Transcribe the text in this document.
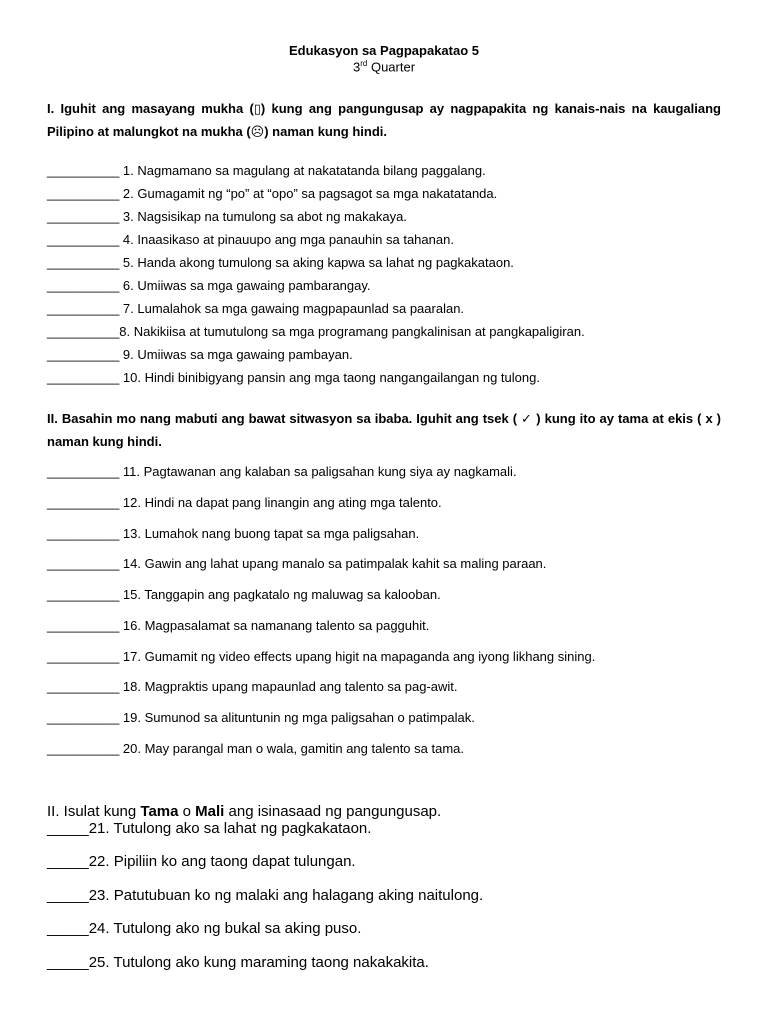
Edukasyon sa Pagpapakatao 5
3rd Quarter
I. Iguhit ang masayang mukha (▯) kung ang pangungusap ay nagpapakita ng kanais-nais na kaugaliang Pilipino at malungkot na mukha (☹) naman kung hindi.
__________ 1. Nagmamano sa magulang at nakatatanda bilang paggalang.
__________ 2. Gumagamit ng “po” at “opo” sa pagsagot sa mga nakatatanda.
__________ 3. Nagsisikap na tumulong sa abot ng makakaya.
__________ 4. Inaasikaso at pinauupo ang mga panauhin sa tahanan.
__________ 5. Handa akong tumulong sa aking kapwa sa lahat ng pagkakataon.
__________ 6. Umiiwas sa mga gawaing pambarangay.
__________ 7. Lumalahok sa mga gawaing magpapaunlad sa paaralan.
__________8. Nakikiisa at tumutulong sa mga programang pangkalinisan at pangkapaligiran.
__________ 9. Umiiwas sa mga gawaing pambayan.
__________ 10. Hindi binibigyang pansin ang mga taong nangangailangan ng tulong.
II. Basahin mo nang mabuti ang bawat sitwasyon sa ibaba. Iguhit ang tsek ( ✓ ) kung ito ay tama at ekis ( x ) naman kung hindi.
__________ 11. Pagtawanan ang kalaban sa paligsahan kung siya ay nagkamali.
__________ 12. Hindi na dapat pang linangin ang ating mga talento.
__________ 13. Lumahok nang buong tapat sa mga paligsahan.
__________ 14. Gawin ang lahat upang manalo sa patimpalak kahit sa maling paraan.
__________ 15. Tanggapin ang pagkatalo ng maluwag sa kalooban.
__________ 16. Magpasalamat sa namanang talento sa pagguhit.
__________ 17. Gumamit ng video effects upang higit na mapaganda ang iyong likhang sining.
__________ 18. Magpraktis upang mapaunlad ang talento sa pag-awit.
__________ 19. Sumunod sa alituntunin ng mga paligsahan o patimpalak.
__________ 20. May parangal man o wala, gamitin ang talento sa tama.
II. Isulat kung Tama o Mali ang isinasaad ng pangungusap.
_____21. Tutulong ako sa lahat ng pagkakataon.
_____22. Pipiliin ko ang taong dapat tulungan.
_____23. Patutubuan ko ng malaki ang halagang aking naitulong.
_____24. Tutulong ako ng bukal sa aking puso.
_____25. Tutulong ako kung maraming taong nakakakita.
